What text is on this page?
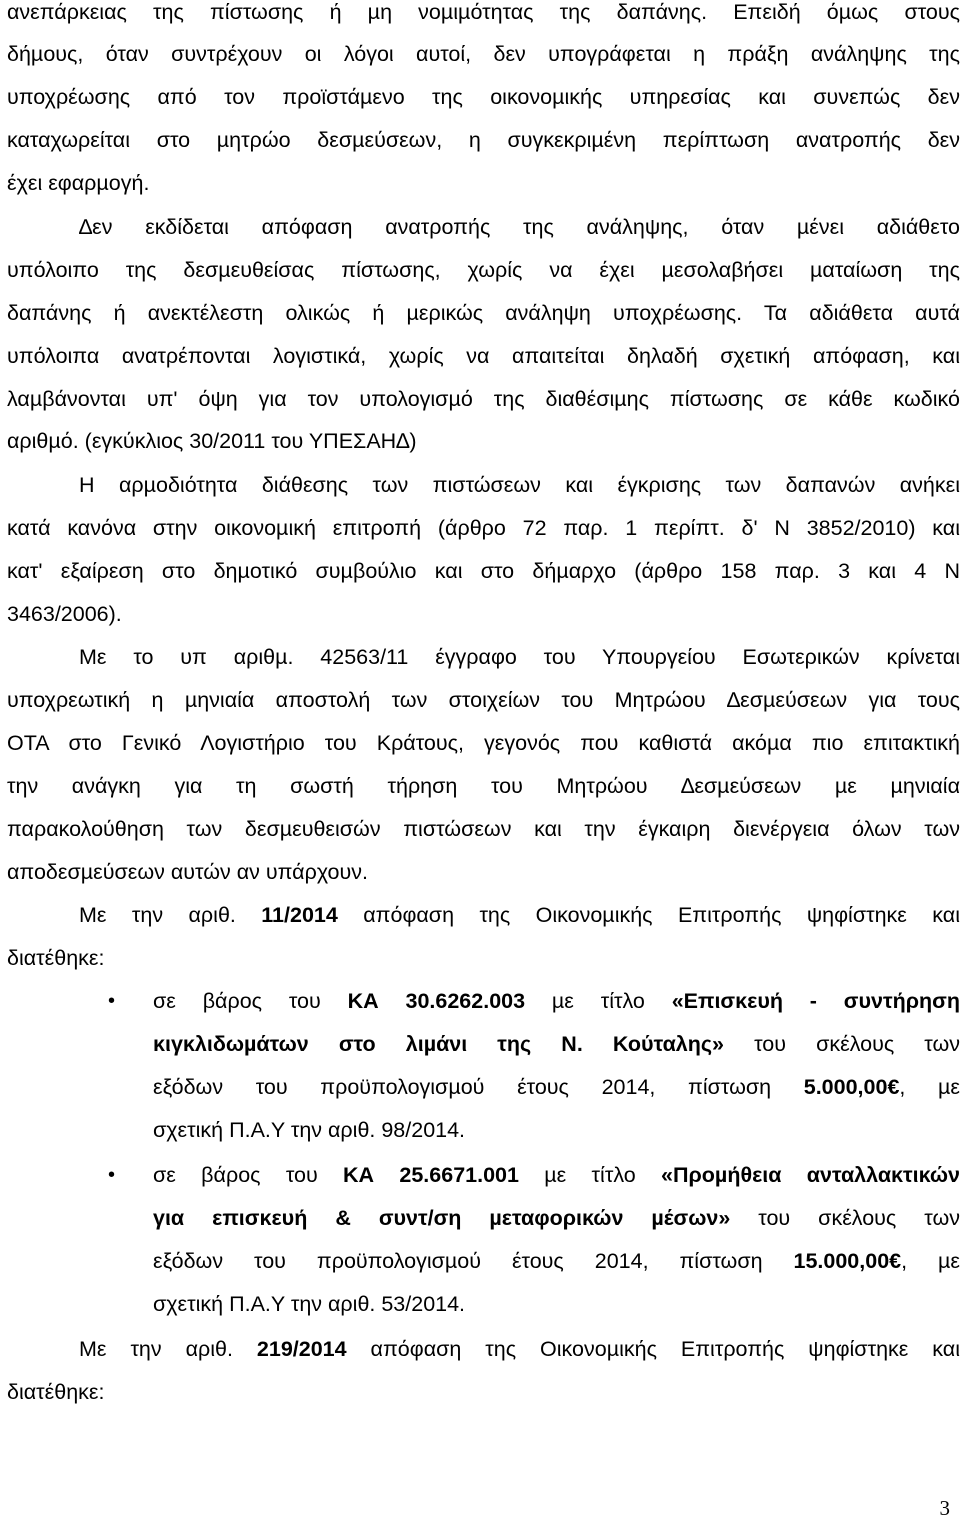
ανεπάρκειας της πίστωσης ή µη νοµιµότητας της δαπάνης. Επειδή όµως στους
δήµους, όταν συντρέχουν οι λόγοι αυτοί, δεν υπογράφεται η πράξη ανάληψης της
υποχρέωσης από τον προϊστάµενο της οικονοµικής υπηρεσίας και συνεπώς δεν
καταχωρείται στο µητρώο δεσµεύσεων, η συγκεκριµένη περίπτωση ανατροπής δεν
έχει εφαρµογή.
∆εν εκδίδεται απόφαση ανατροπής της ανάληψης, όταν µένει αδιάθετο
υπόλοιπο της δεσµευθείσας πίστωσης, χωρίς να έχει µεσολαβήσει µαταίωση της
δαπάνης ή ανεκτέλεστη ολικώς ή µερικώς ανάληψη υποχρέωσης. Τα αδιάθετα αυτά
υπόλοιπα ανατρέπονται λογιστικά, χωρίς να απαιτείται δηλαδή σχετική απόφαση, και
λαµβάνονται υπ' όψη για τον υπολογισµό της διαθέσιµης πίστωσης σε κάθε κωδικό
αριθµό. (εγκύκλιος 30/2011 του ΥΠΕΣΑΗ∆)
Η αρµοδιότητα διάθεσης των πιστώσεων και έγκρισης των δαπανών ανήκει
κατά κανόνα στην οικονοµική επιτροπή (άρθρο 72 παρ. 1 περίπτ. δ' Ν 3852/2010) και
κατ' εξαίρεση στο δηµοτικό συµβούλιο και στο δήµαρχο (άρθρο 158 παρ. 3 και 4 Ν
3463/2006).
Με το υπ αριθµ. 42563/11 έγγραφο του Υπουργείου Εσωτερικών κρίνεται
υποχρεωτική η µηνιαία αποστολή των στοιχείων του Μητρώου ∆εσµεύσεων για τους
ΟΤΑ στο Γενικό Λογιστήριο του Κράτους, γεγονός που καθιστά ακόµα πιο επιτακτική
την ανάγκη για τη σωστή τήρηση του Μητρώου ∆εσµεύσεων µε µηνιαία
παρακολούθηση των δεσµευθεισών πιστώσεων και την έγκαιρη διενέργεια όλων των
αποδεσµεύσεων αυτών αν υπάρχουν.
Με την αριθ. 11/2014 απόφαση της Οικονοµικής Επιτροπής ψηφίστηκε και
διατέθηκε:
• σε βάρος του ΚΑ 30.6262.003 µε τίτλο «Επισκευή - συντήρηση
κιγκλιδωµάτων στο λιµάνι της Ν. Κούταλης» του σκέλους των
εξόδων του προϋπολογισµού έτους 2014, πίστωση 5.000,00€, µε
σχετική Π.Α.Υ την αριθ. 98/2014.
• σε βάρος του ΚΑ 25.6671.001 µε τίτλο «Προµήθεια ανταλλακτικών
για επισκευή & συντ/ση µεταφορικών µέσων» του σκέλους των
εξόδων του προϋπολογισµού έτους 2014, πίστωση 15.000,00€, µε
σχετική Π.Α.Υ την αριθ. 53/2014.
Με την αριθ. 219/2014 απόφαση της Οικονοµικής Επιτροπής ψηφίστηκε και
διατέθηκε:
3
